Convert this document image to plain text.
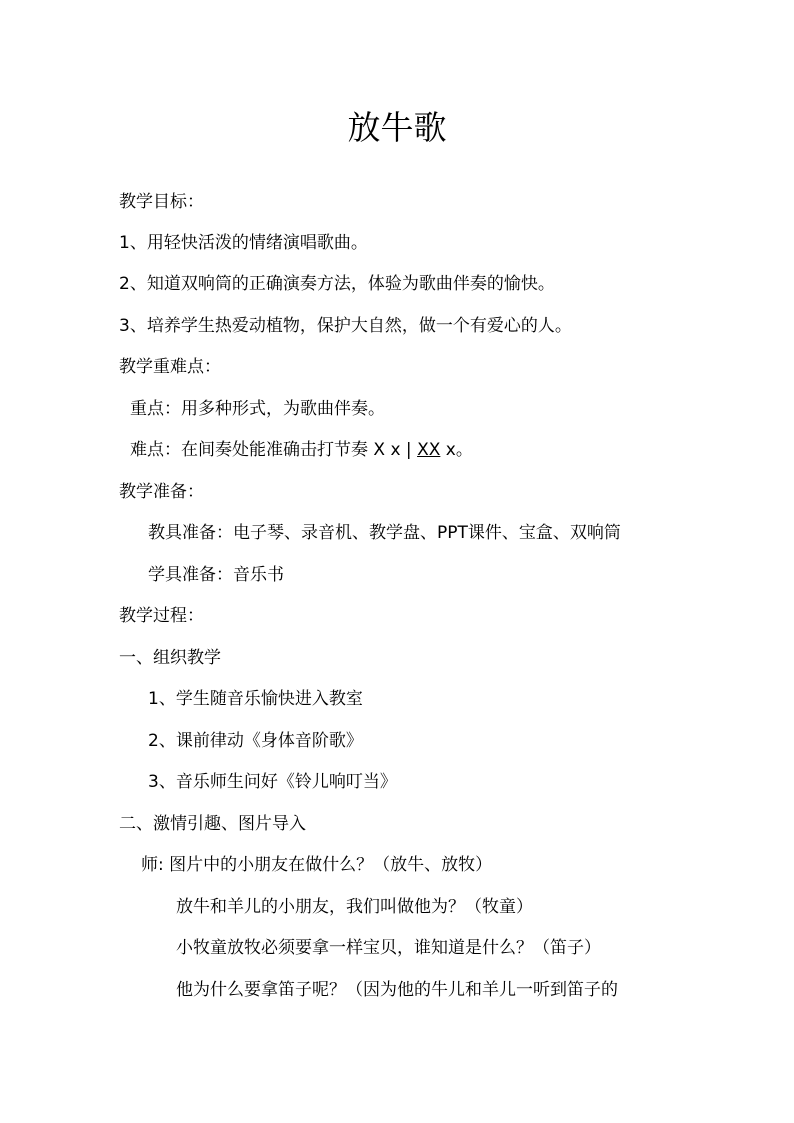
放牛歌
教学目标：
1、用轻快活泼的情绪演唱歌曲。
2、知道双响筒的正确演奏方法，体验为歌曲伴奏的愉快。
3、培养学生热爱动植物，保护大自然，做一个有爱心的人。
教学重难点：
重点：用多种形式，为歌曲伴奏。
难点：在间奏处能准确击打节奏 X x | XX x。
教学准备：
教具准备：电子琴、录音机、教学盘、PPT课件、宝盒、双响筒
学具准备：音乐书
教学过程：
一、组织教学
1、学生随音乐愉快进入教室
2、课前律动《身体音阶歌》
3、音乐师生问好《铃儿响叮当》
二、激情引趣、图片导入
师: 图片中的小朋友在做什么？（放牛、放牧）
放牛和羊儿的小朋友，我们叫做他为？（牧童）
小牧童放牧必须要拿一样宝贝，谁知道是什么？（笛子）
他为什么要拿笛子呢？（因为他的牛儿和羊儿一听到笛子的
